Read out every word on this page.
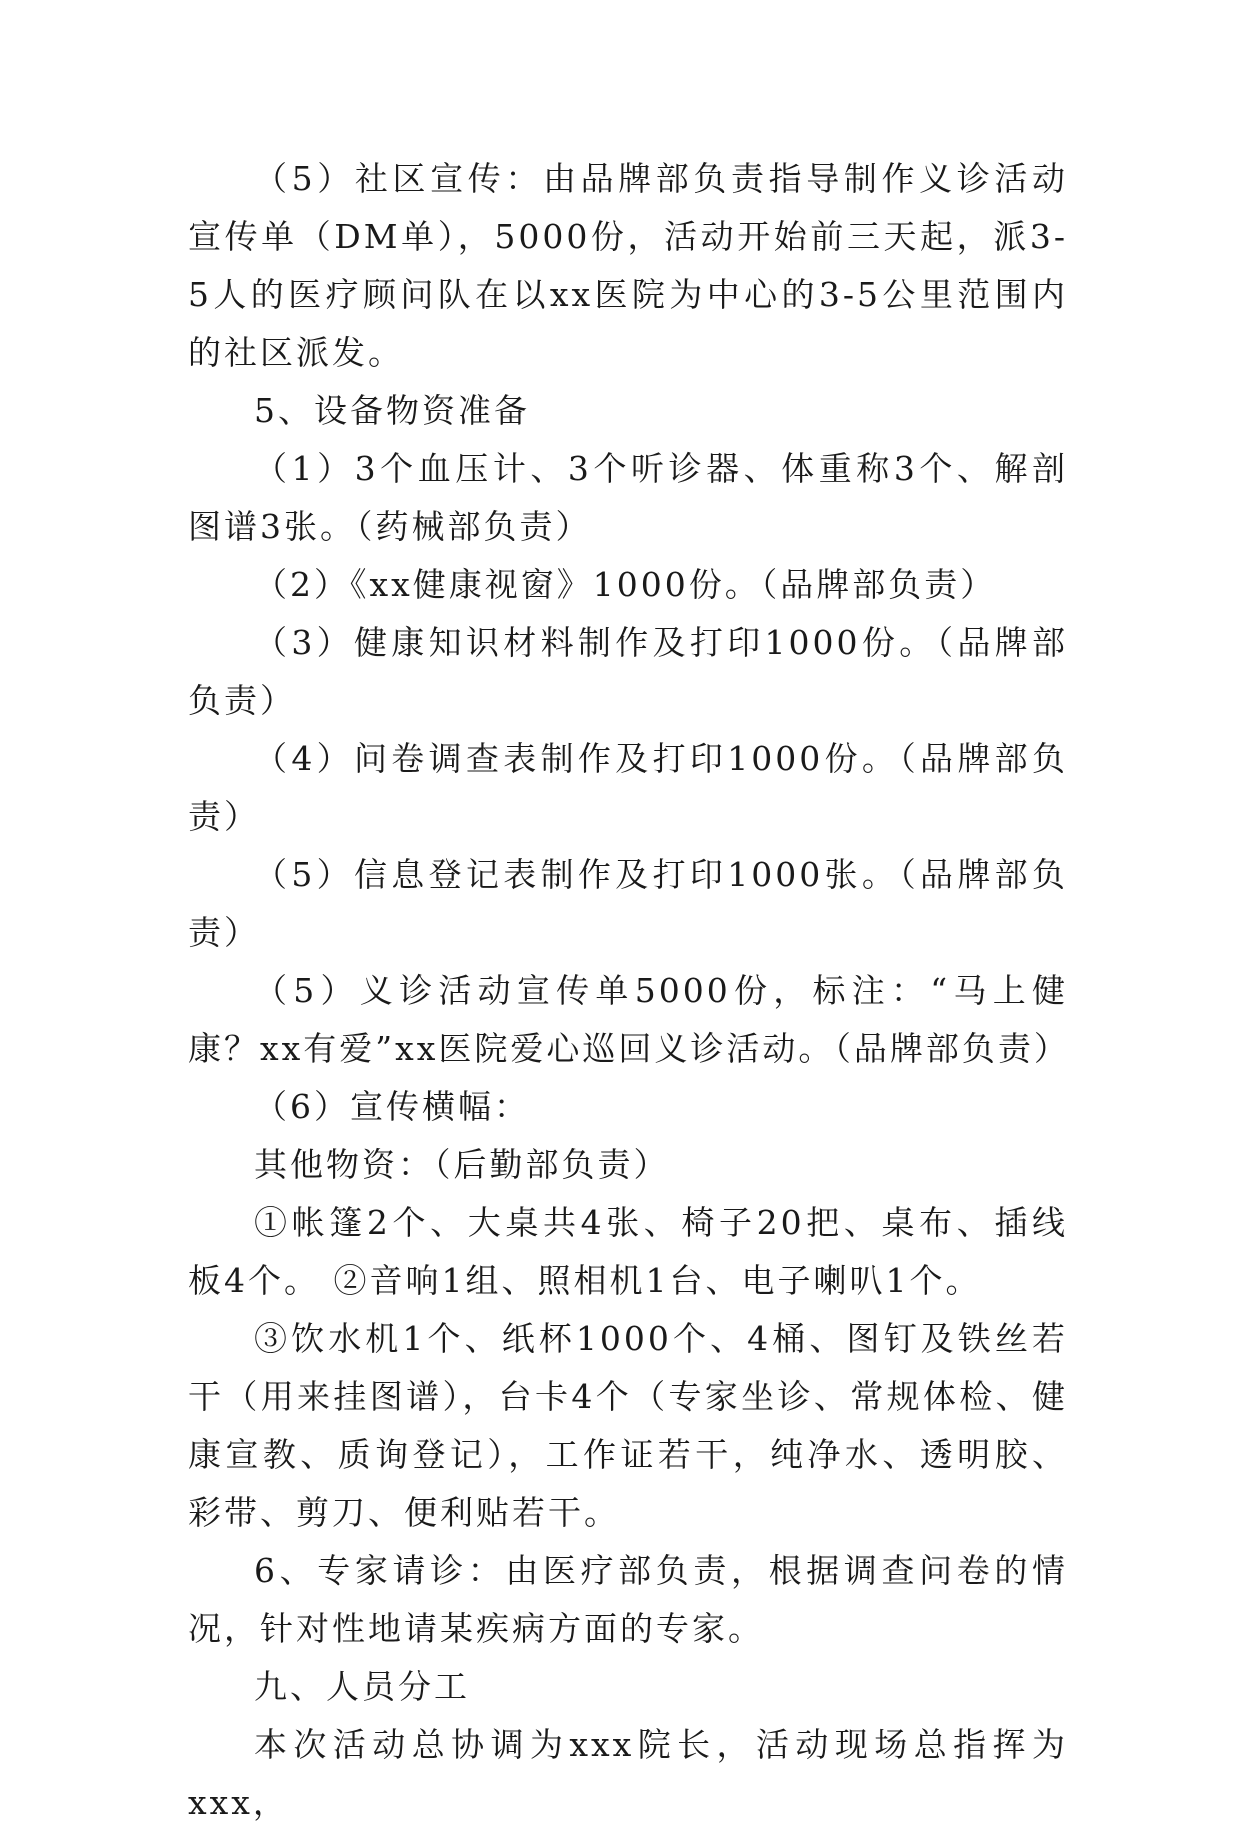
（5）社区宣传：由品牌部负责指导制作义诊活动宣传单（DM单），5000份，活动开始前三天起，派3-5人的医疗顾问队在以xx医院为中心的3-5公里范围内的社区派发。

5、设备物资准备

（1）3个血压计、3个听诊器、体重称3个、解剖图谱3张。（药械部负责）

（2）《xx健康视窗》1000份。（品牌部负责）

（3）健康知识材料制作及打印1000份。（品牌部负责）

（4）问卷调查表制作及打印1000份。（品牌部负责）

（5）信息登记表制作及打印1000张。（品牌部负责）

（5）义诊活动宣传单5000份，标注：“马上健康？xx有爱”xx医院爱心巡回义诊活动。（品牌部负责）

（6）宣传横幅：

其他物资：（后勤部负责）

①帐篷2个、大桌共4张、椅子20把、桌布、插线板4个。 ②音响1组、照相机1台、电子喇叭1个。

③饮水机1个、纸杯1000个、4桶、图钉及铁丝若干（用来挂图谱），台卡4个（专家坐诊、常规体检、健康宣教、质询登记），工作证若干，纯净水、透明胶、彩带、剪刀、便利贴若干。

6、专家请诊：由医疗部负责，根据调查问卷的情况，针对性地请某疾病方面的专家。

九、人员分工

本次活动总协调为xxx院长，活动现场总指挥为xxx，
